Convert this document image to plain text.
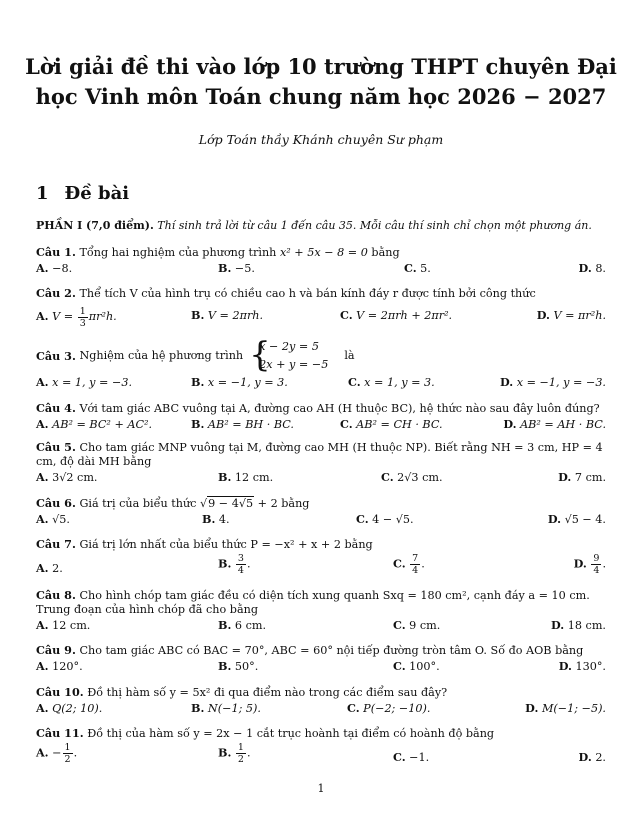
Lời giải đề thi vào lớp 10 trường THPT chuyên Đại
học Vinh môn Toán chung năm học 2026 − 2027
Lớp Toán thầy Khánh chuyên Sư phạm
1 Đề bài
PHẦN I (7,0 điểm). Thí sinh trả lời từ câu 1 đến câu 35. Mỗi câu thí sinh chỉ chọn một phương án.
Câu 1. Tổng hai nghiệm của phương trình x² + 5x − 8 = 0 bằng
A. −8.	B. −5.	C. 5.	D. 8.
Câu 2. Thể tích V của hình trụ có chiều cao h và bán kính đáy r được tính bởi công thức
A. $V = \frac{1}{3} \pi r^2h$.	B. V = 2πrh.	C. V = 2πrh + 2πr².	D. V = πr²h.
Câu 3.
Nghiệm của hệ phương trình {
x − 2y = 5
2x + y = −5
là
A. x = 1, y = −3.	B. x = −1, y = 3.	C. x = 1, y = 3.	D. x = −1, y = −3.
Câu 4. Với tam giác ABC vuông tại A, đường cao AH (H thuộc BC), hệ thức nào sau đây luôn đúng?
A. AB² = BC² + AC².	B. AB² = BH · BC.	C. AB² = CH · BC.	D. AB² = AH · BC.
Câu 5. Cho tam giác MNP vuông tại M, đường cao MH (H thuộc NP). Biết rằng NH = 3 cm, HP = 4 cm, độ dài MH bằng
A. 3√2 cm.	B. 12 cm.	C. 2√3 cm.	D. 7 cm.
Câu 6. Giá trị của biểu thức √9 − 4√5 + 2 bằng
A. √5.	B. 4.	C. 4 − √5.	D. √5 − 4.
Câu 7. Giá trị lớn nhất của biểu thức P = −x² + x + 2 bằng
A. 2.	B. $\frac{3}{4}$ .	C. $\frac{7}{4}$ .	D. $\frac{9}{4}$ .
Câu 8. Cho hình chóp tam giác đều có diện tích xung quanh Sxq = 180 cm², cạnh đáy a = 10 cm. Trung đoạn của hình chóp đã cho bằng
A. 12 cm.	B. 6 cm.	C. 9 cm.	D. 18 cm.
Câu 9. Cho tam giác ABC có BAC = 70°, ABC = 60° nội tiếp đường tròn tâm O. Số đo AOB bằng
A. 120°.	B. 50°.	C. 100°.	D. 130°.
Câu 10. Đồ thị hàm số y = 5x² đi qua điểm nào trong các điểm sau đây?
A. Q(2; 10).	B. N(−1; 5).	C. P(−2; −10).	D. M(−1; −5).
Câu 11. Đồ thị của hàm số y = 2x − 1 cắt trục hoành tại điểm có hoành độ bằng
A. − $\frac{1}{2}$ .	B. $\frac{1}{2}$ .	C. −1.	D. 2.
1
